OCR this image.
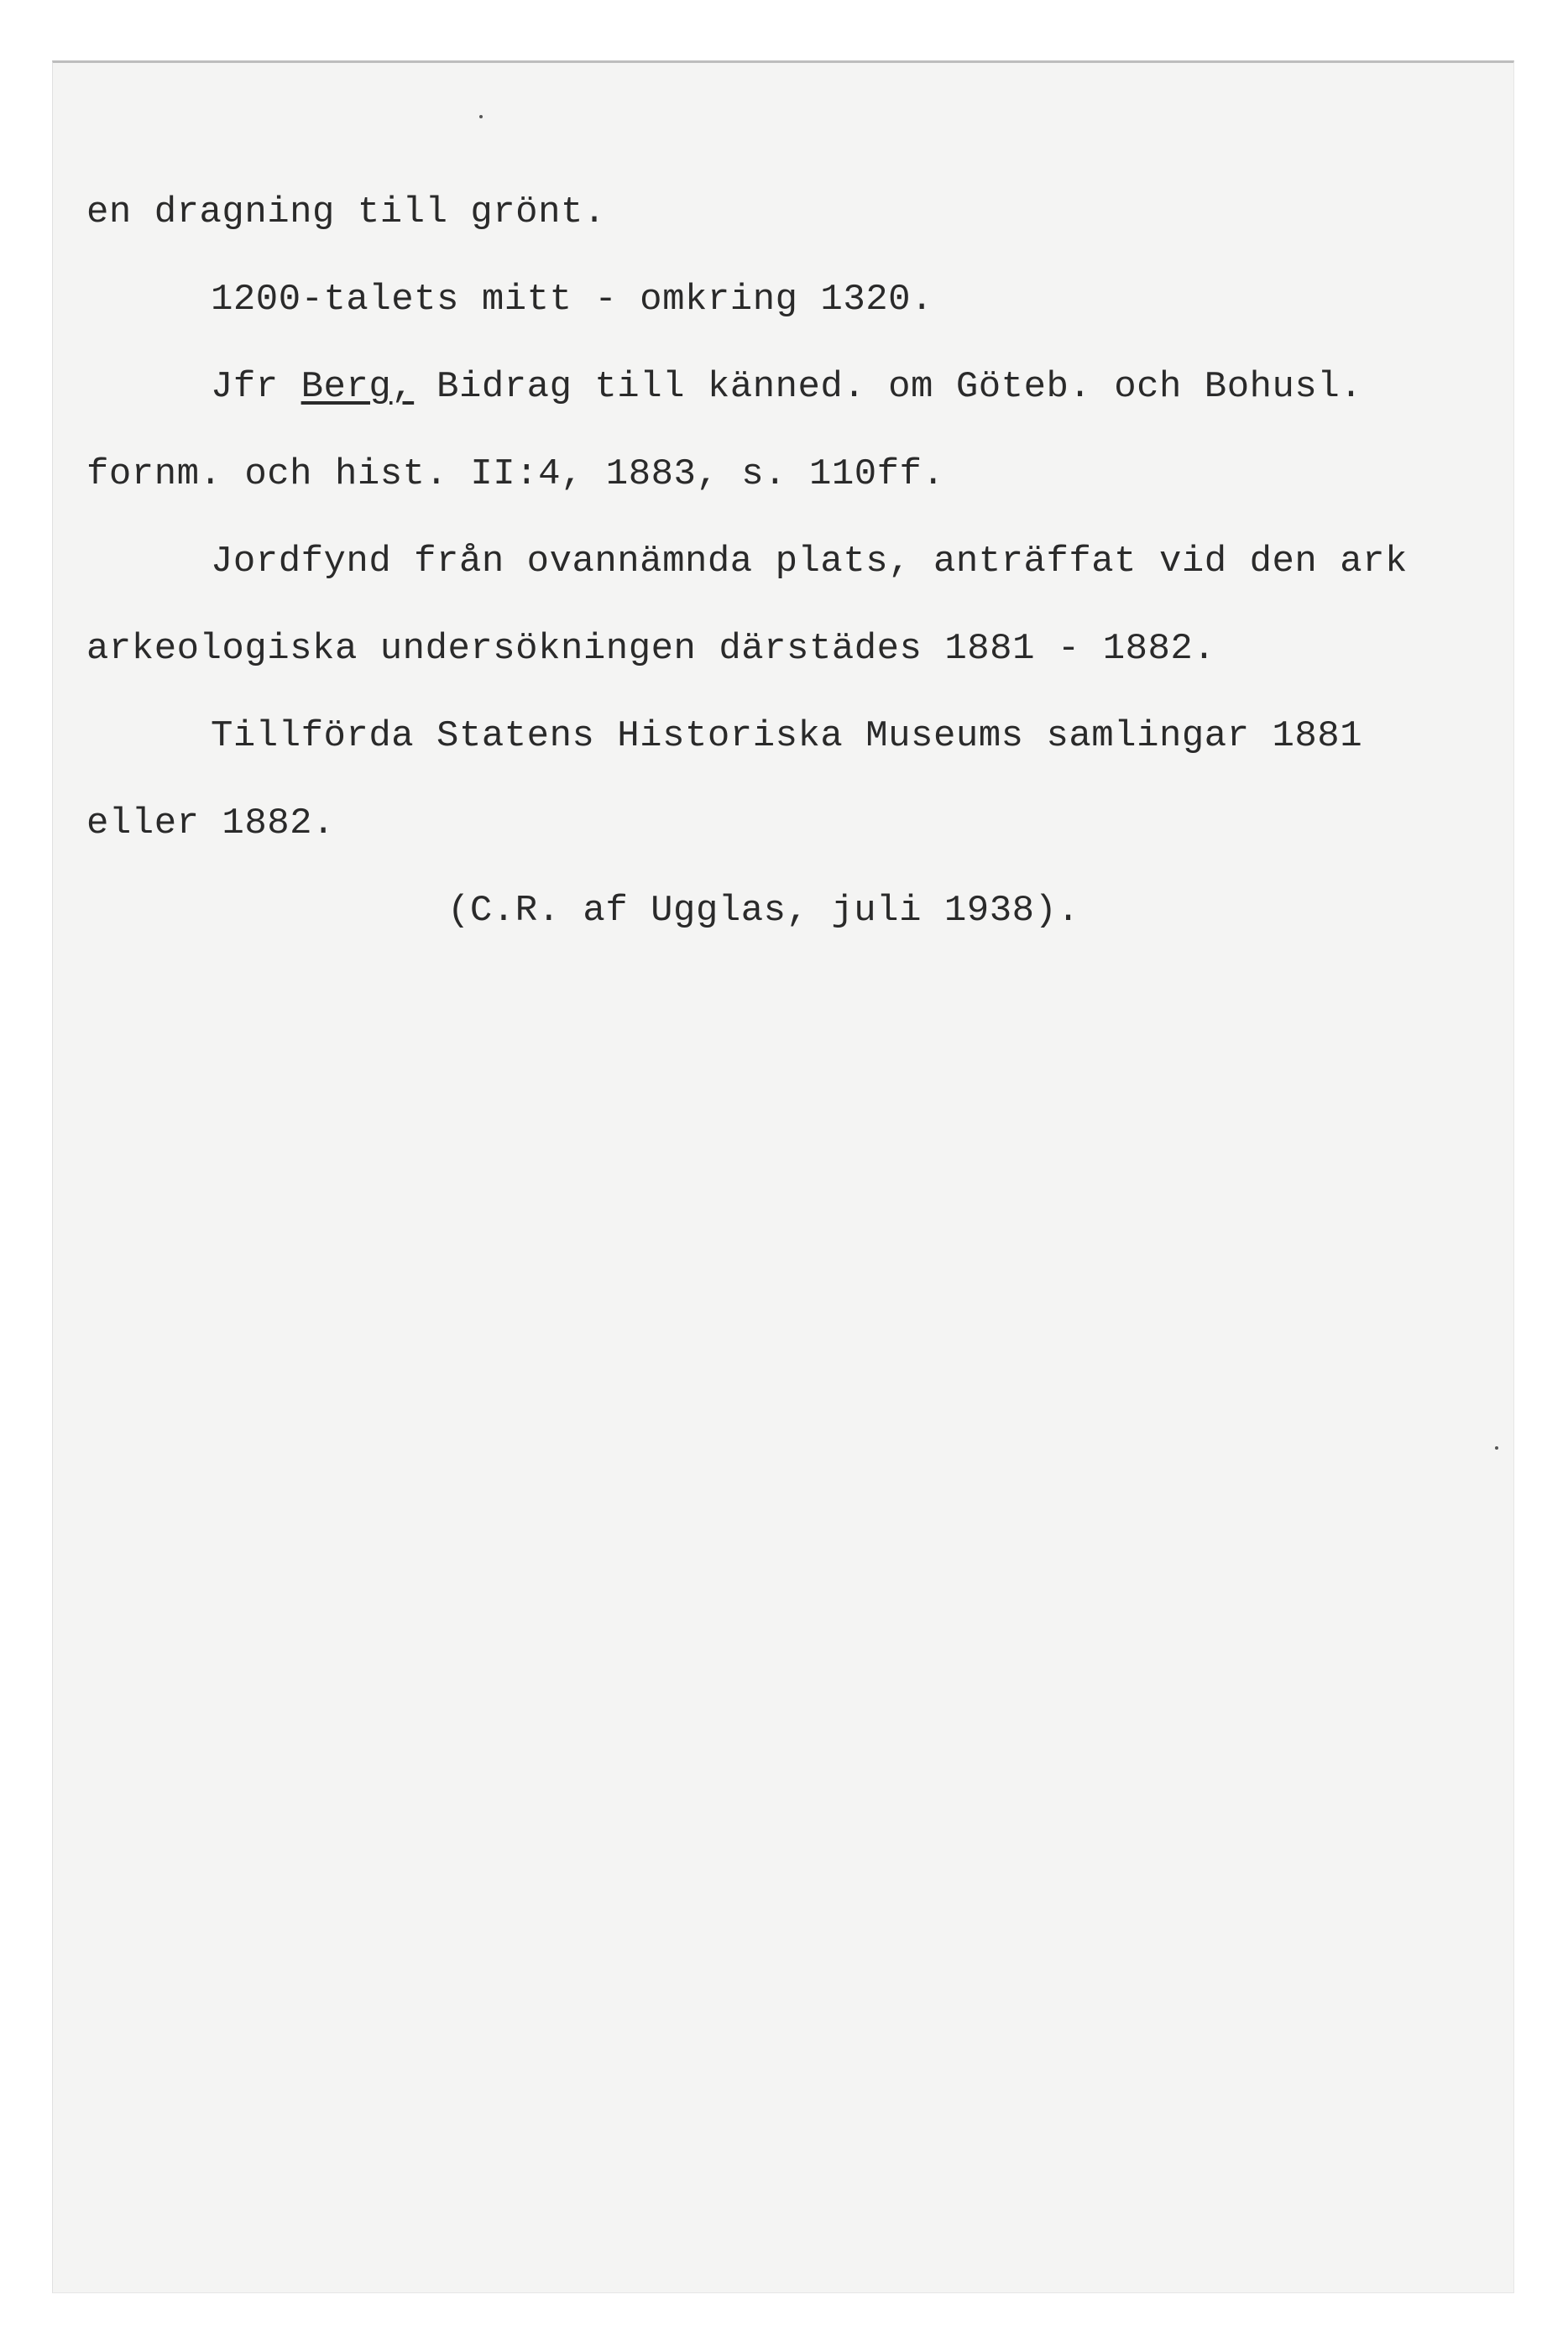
en dragning till grönt.
1200-talets mitt - omkring 1320.
Jfr Berg, Bidrag till känned. om Göteb. och Bohusl.
fornm. och hist. II:4, 1883, s. 110ff.
Jordfynd från ovannämnda plats, anträffat vid den ark
arkeologiska undersökningen därstädes 1881 - 1882.
Tillförda Statens Historiska Museums samlingar 1881
eller 1882.
(C.R. af Ugglas, juli 1938).
